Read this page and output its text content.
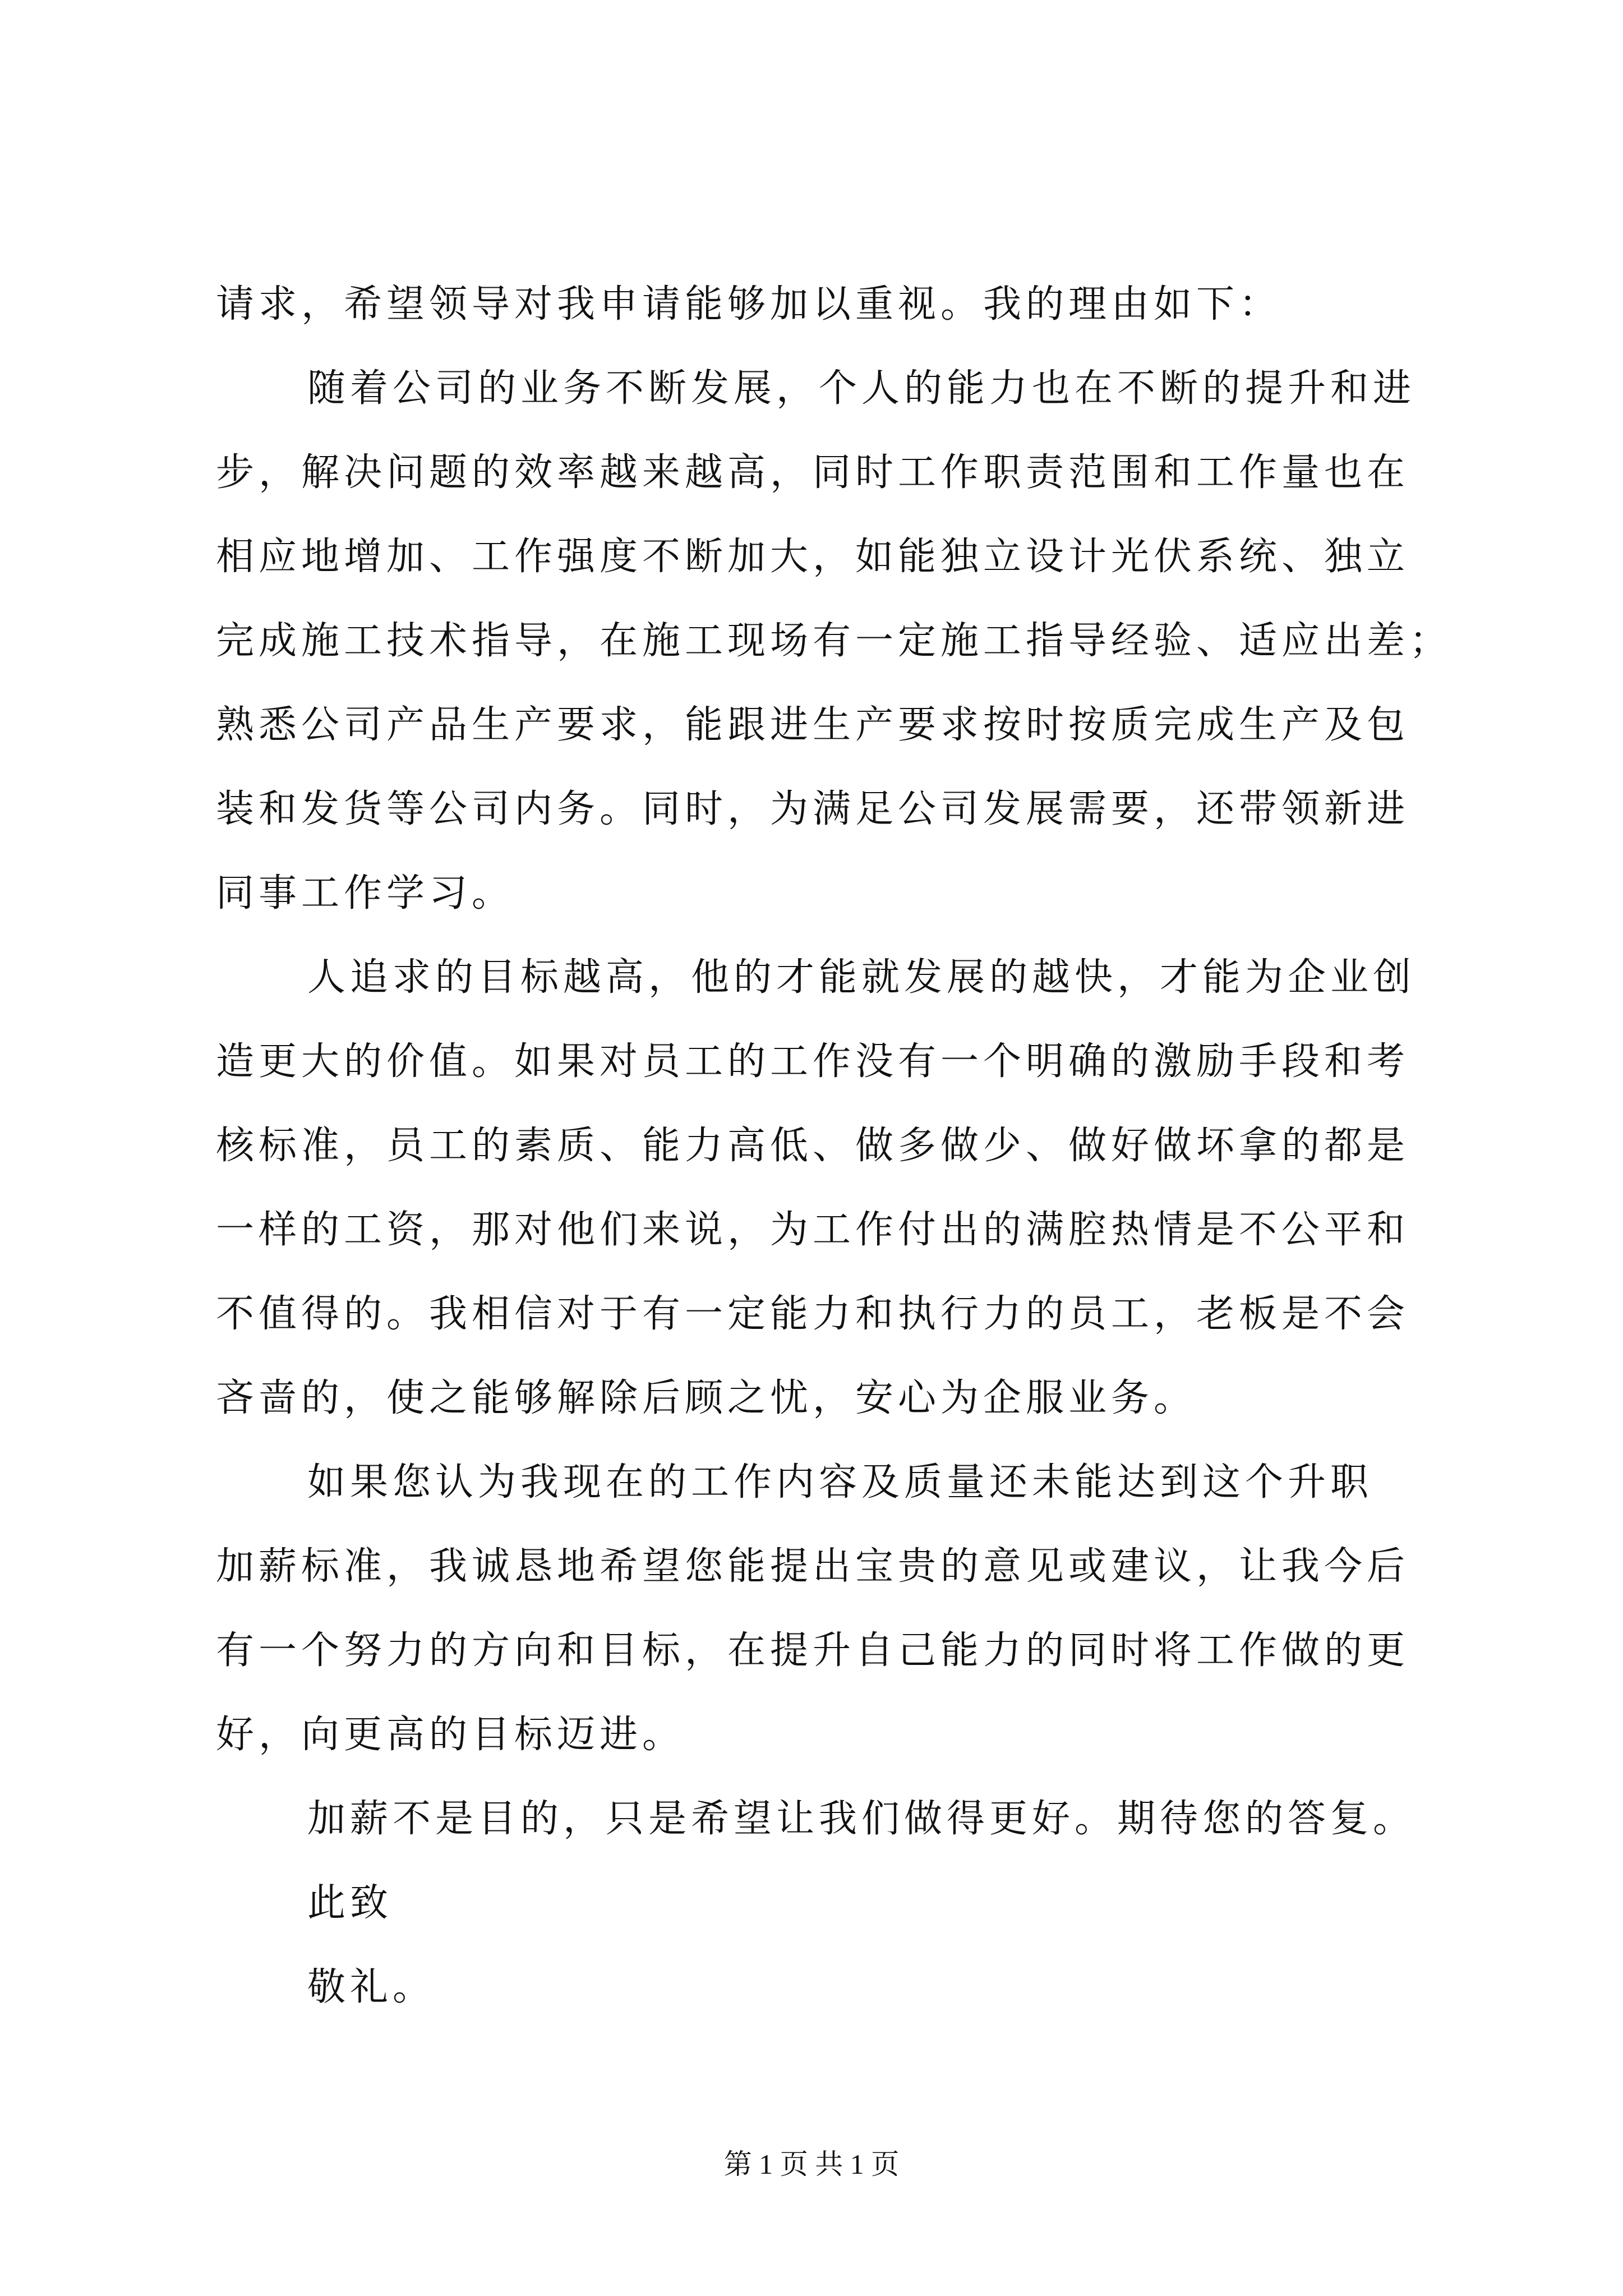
请求，希望领导对我申请能够加以重视。我的理由如下：
随着公司的业务不断发展，个人的能力也在不断的提升和进
步，解决问题的效率越来越高，同时工作职责范围和工作量也在
相应地增加、工作强度不断加大，如能独立设计光伏系统、独立
完成施工技术指导，在施工现场有一定施工指导经验、适应出差；
熟悉公司产品生产要求，能跟进生产要求按时按质完成生产及包
装和发货等公司内务。同时，为满足公司发展需要，还带领新进
同事工作学习。
人追求的目标越高，他的才能就发展的越快，才能为企业创
造更大的价值。如果对员工的工作没有一个明确的激励手段和考
核标准，员工的素质、能力高低、做多做少、做好做坏拿的都是
一样的工资，那对他们来说，为工作付出的满腔热情是不公平和
不值得的。我相信对于有一定能力和执行力的员工，老板是不会
吝啬的，使之能够解除后顾之忧，安心为企服业务。
如果您认为我现在的工作内容及质量还未能达到这个升职
加薪标准，我诚恳地希望您能提出宝贵的意见或建议，让我今后
有一个努力的方向和目标，在提升自己能力的同时将工作做的更
好，向更高的目标迈进。
加薪不是目的，只是希望让我们做得更好。期待您的答复。
此致
敬礼。
第 1 页 共 1 页
